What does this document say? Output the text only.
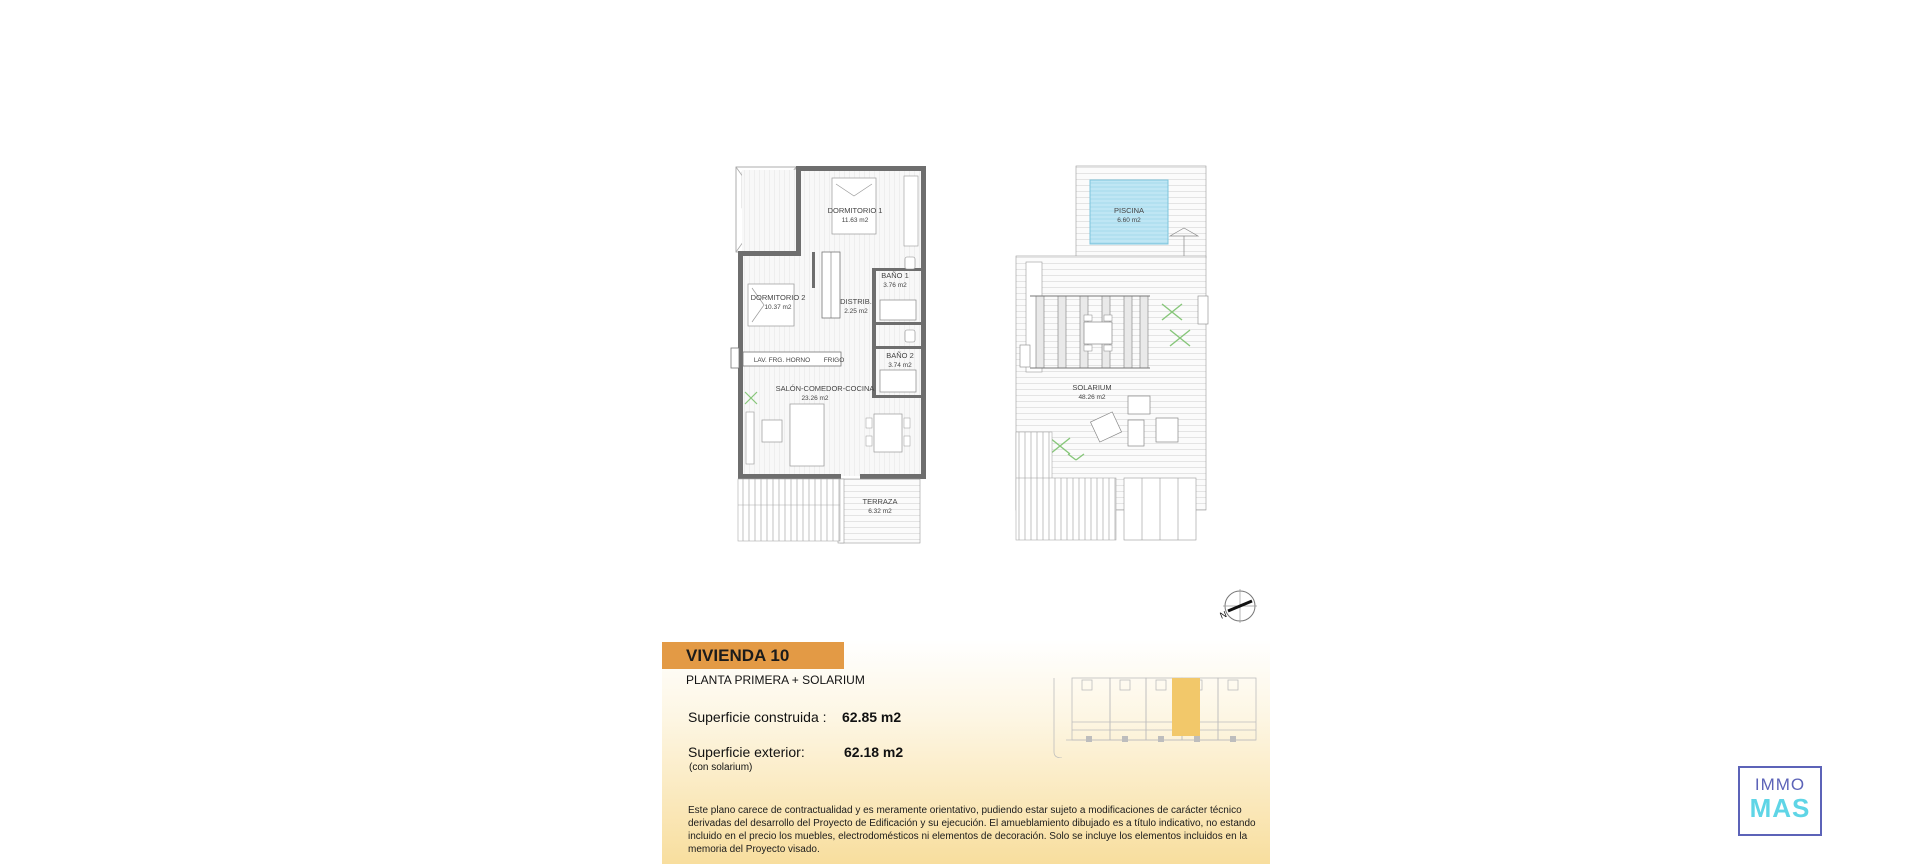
DORMITORIO 1
11.63 m2
DORMITORIO 2
10.37 m2
DISTRIB.
2.25 m2
BAÑO 1
3.76 m2
BAÑO 2
3.74 m2
SALÓN-COMEDOR-COCINA
23.26 m2
TERRAZA
6.32 m2
LAV. FRG. HORNO FRIGO
PISCINA
6.60 m2
SOLARIUM
48.26 m2
N
VIVIENDA 10
PLANTA PRIMERA + SOLARIUM
Superficie construida : 62.85 m2
Superficie exterior:	62.18 m2
(con solarium)
Este plano carece de contractualidad y es meramente orientativo, pudiendo estar sujeto a modificaciones de carácter técnico derivadas del desarrollo del Proyecto de Edificación y su ejecución. El amueblamiento dibujado es a título indicativo, no estando incluido en el precio los muebles, electrodomésticos ni elementos de decoración. Solo se incluye los elementos incluidos en la memoria del Proyecto visado.
IMMO
MAS
